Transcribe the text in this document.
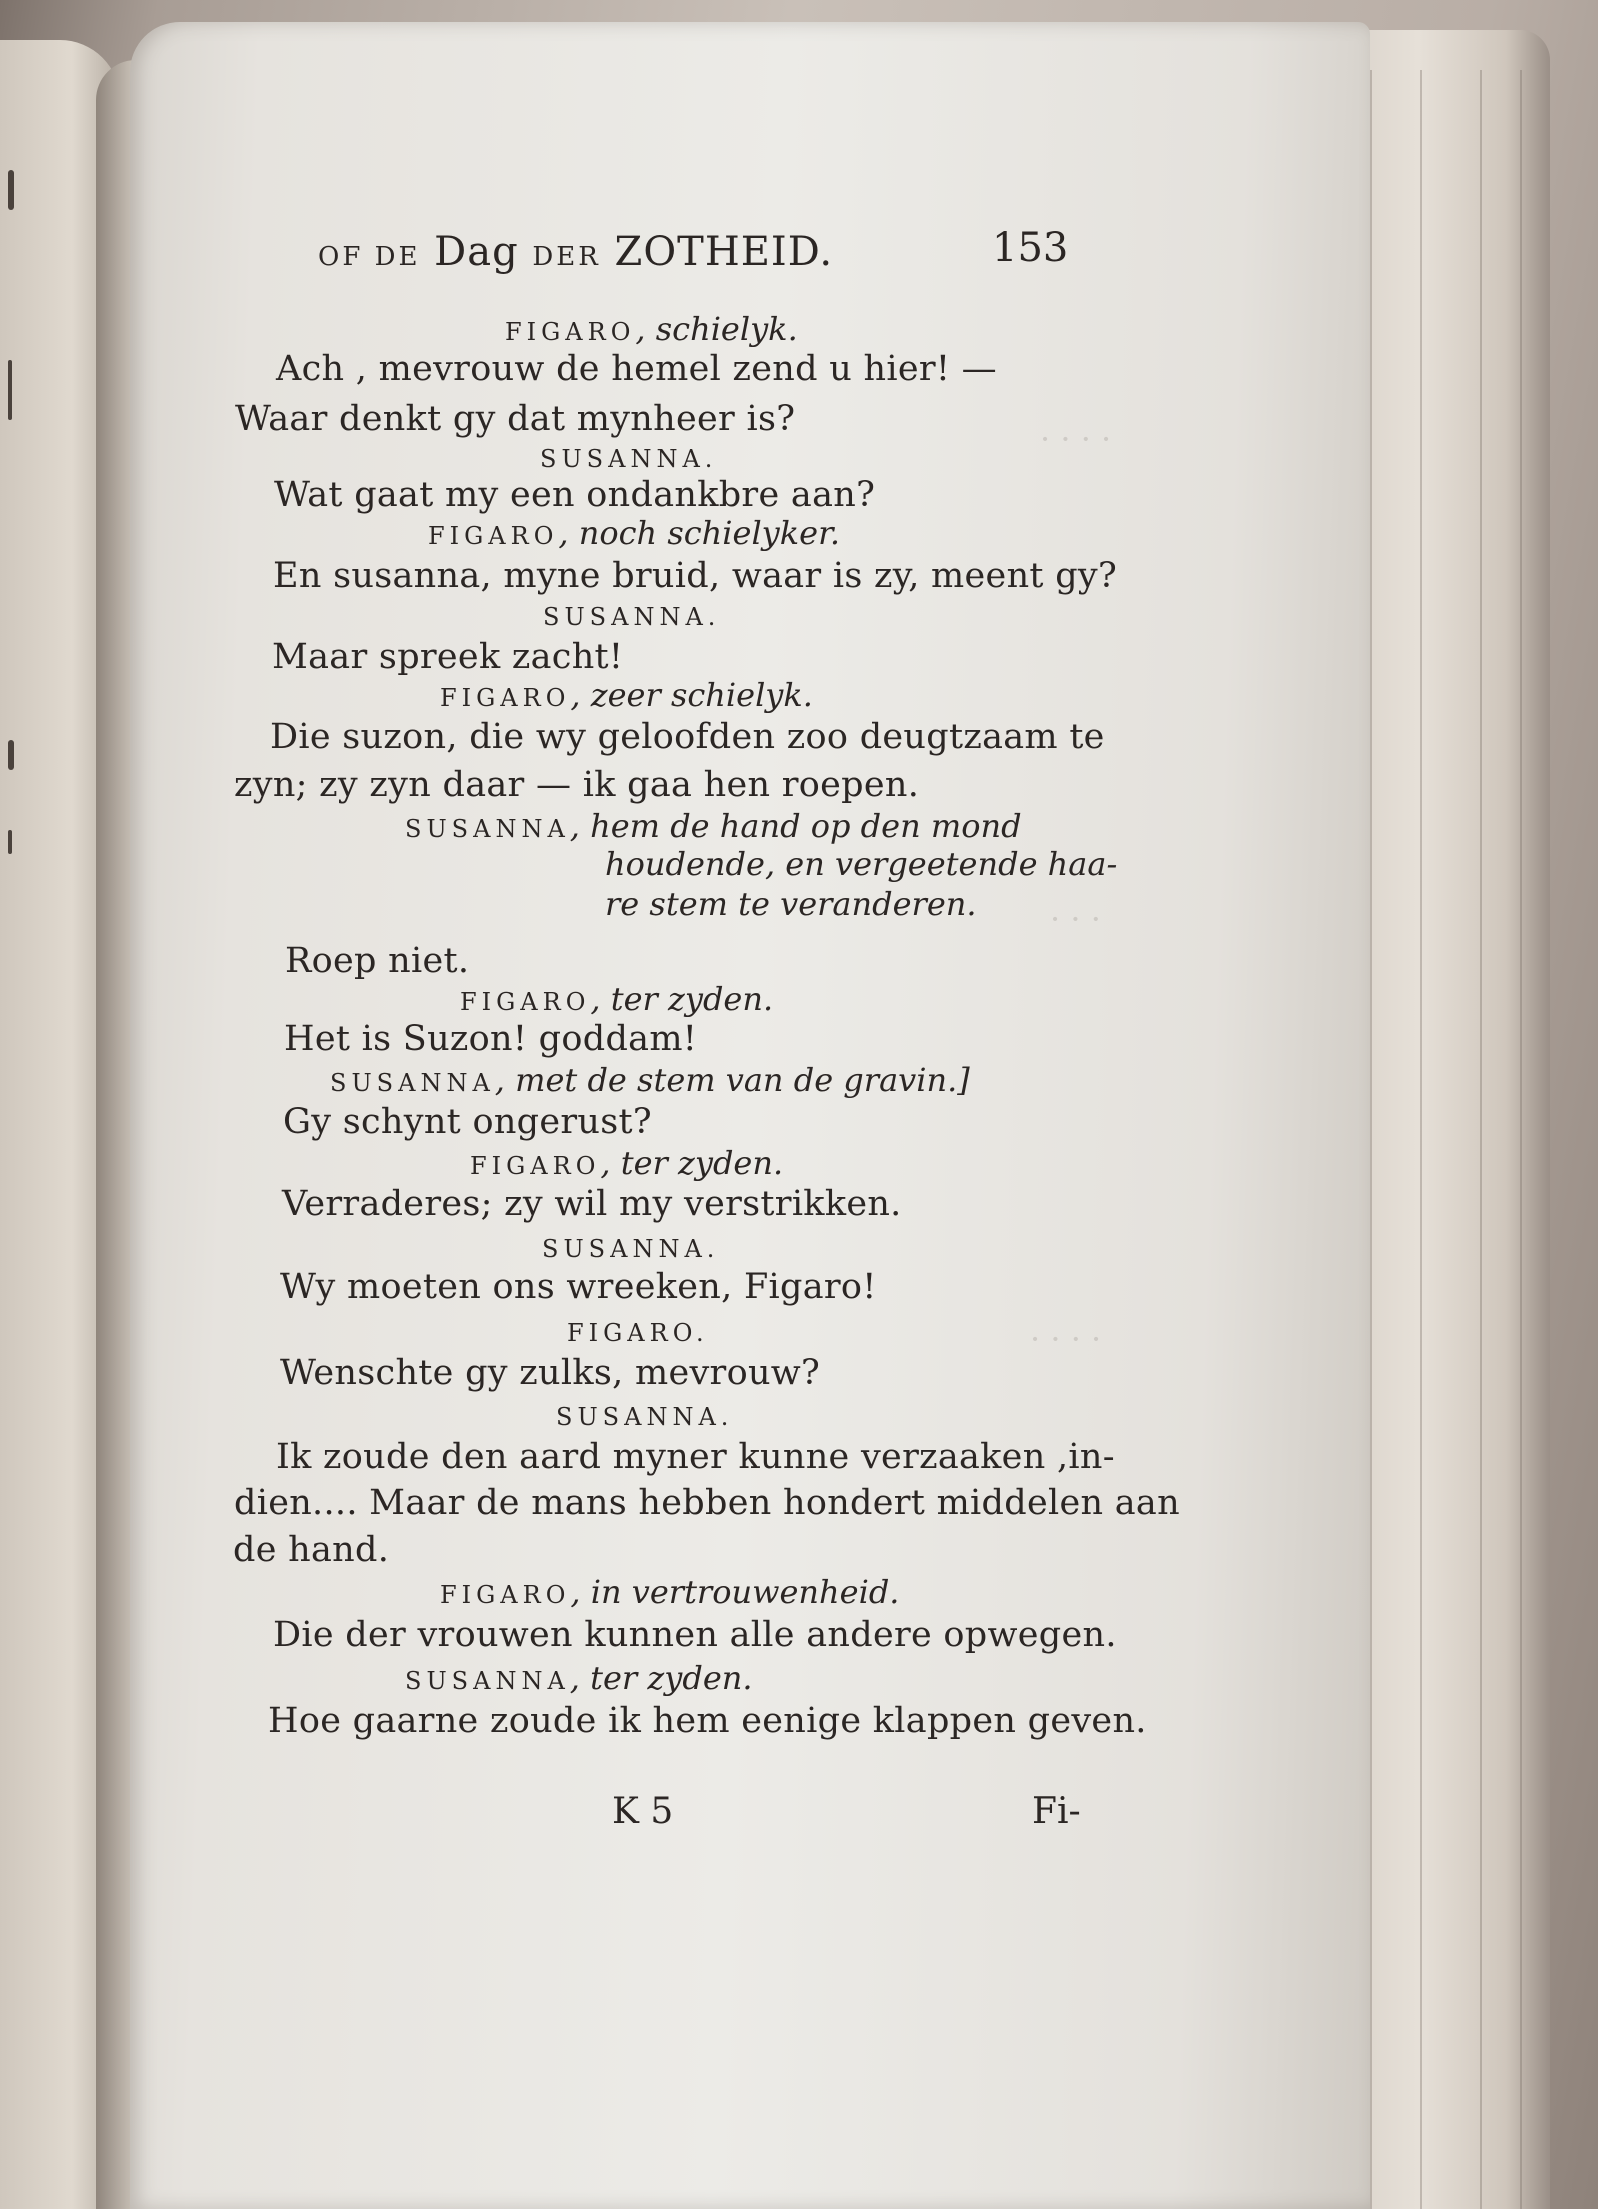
· · · ·
· · ·
· · · ·
OF DE Dag DER ZOTHEID.	153
FIGARO, schielyk.
Ach , mevrouw de hemel zend u hier! —
Waar denkt gy dat mynheer is?
SUSANNA.
Wat gaat my een ondankbre aan?
FIGARO, noch schielyker.
En susanna, myne bruid, waar is zy, meent gy?
SUSANNA.
Maar spreek zacht!
FIGARO, zeer schielyk.
Die suzon, die wy geloofden zoo deugtzaam te
zyn; zy zyn daar — ik gaa hen roepen.
SUSANNA, hem de hand op den mond
houdende, en vergeetende haa-
re stem te veranderen.
Roep niet.
FIGARO, ter zyden.
Het is Suzon! goddam!
SUSANNA, met de stem van de gravin.]
Gy schynt ongerust?
FIGARO, ter zyden.
Verraderes; zy wil my verstrikken.
SUSANNA.
Wy moeten ons wreeken, Figaro!
FIGARO.
Wenschte gy zulks, mevrouw?
SUSANNA.
Ik zoude den aard myner kunne verzaaken ,in-
dien.... Maar de mans hebben hondert middelen aan
de hand.
FIGARO, in vertrouwenheid.
Die der vrouwen kunnen alle andere opwegen.
SUSANNA, ter zyden.
Hoe gaarne zoude ik hem eenige klappen geven.
K 5	Fi-
